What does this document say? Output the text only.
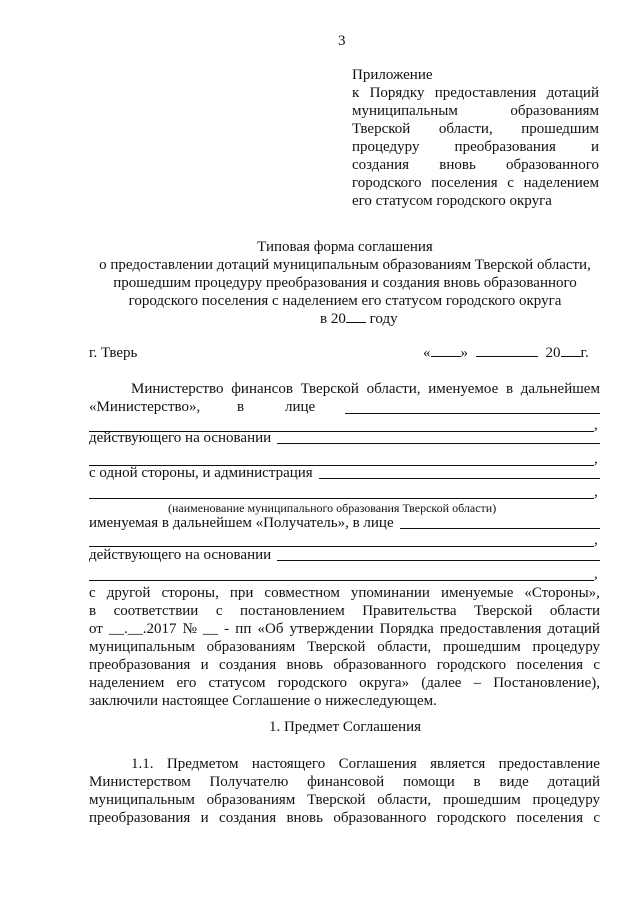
3
Приложение
к Порядку предоставления дотаций
муниципальным	образованиям
Тверской области, прошедшим
процедуру преобразования и
создания вновь образованного
городского поселения с наделением
его статусом городского округа
Типовая форма соглашения
о предоставлении дотаций муниципальным образованиям Тверской области,
прошедшим процедуру преобразования и создания вновь образованного
городского поселения с наделением его статусом городского округа
в 20 году
г. Тверь	« »	20 г.
Министерство финансов Тверской области, именуемое в дальнейшем
«Министерство», в	лице
,
действующего на основании
,
с одной стороны, и администрация
,
(наименование муниципального образования Тверской области)
именуемая в дальнейшем «Получатель», в лице
,
действующего на основании
,
с другой стороны, при совместном упоминании именуемые «Стороны»,
в соответствии с постановлением Правительства Тверской области
от __.__.2017 № __ - пп «Об утверждении Порядка предоставления дотаций
муниципальным образованиям Тверской области, прошедшим процедуру
преобразования и создания вновь образованного городского поселения с
наделением его статусом городского округа» (далее – Постановление),
заключили настоящее Соглашение о нижеследующем.
1. Предмет Соглашения
1.1. Предметом настоящего Соглашения является предоставление
Министерством Получателю финансовой помощи в виде дотаций
муниципальным образованиям Тверской области, прошедшим процедуру
преобразования и создания вновь образованного городского поселения с
